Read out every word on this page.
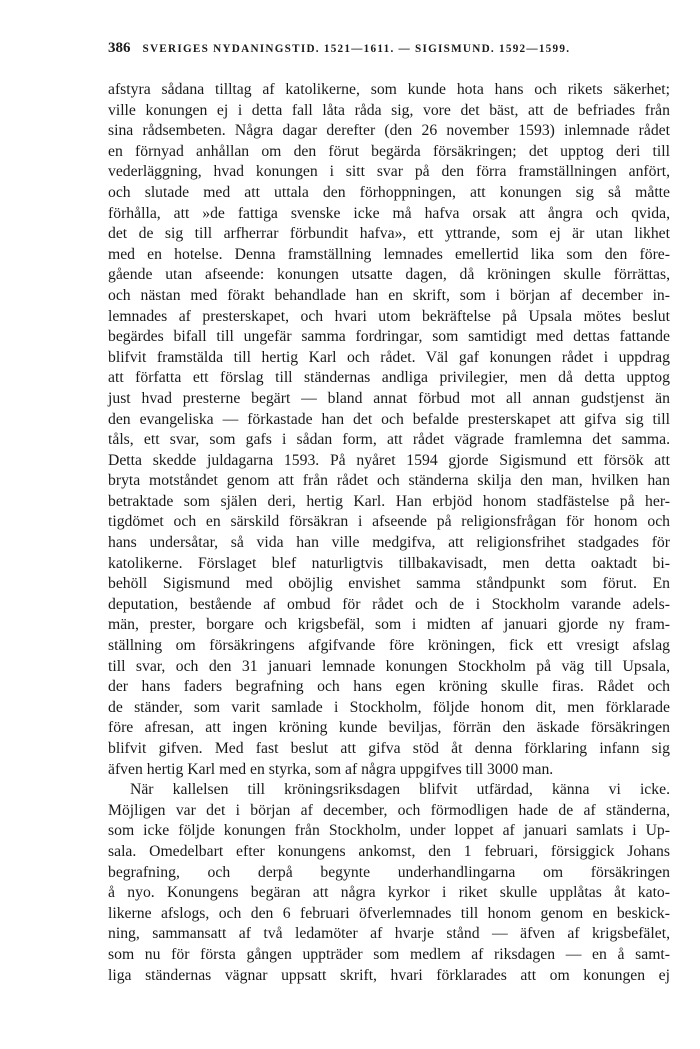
386 SVERIGES NYDANINGSTID. 1521—1611. — SIGISMUND. 1592—1599.
afstyra sådana tilltag af katolikerne, som kunde hota hans och rikets säkerhet;
ville konungen ej i detta fall låta råda sig, vore det bäst, att de befriades från
sina rådsembeten. Några dagar derefter (den 26 november 1593) inlemnade rådet
en förnyad anhållan om den förut begärda försäkringen; det upptog deri till
vederläggning, hvad konungen i sitt svar på den förra framställningen anfört,
och slutade med att uttala den förhoppningen, att konungen sig så måtte
förhålla, att »de fattiga svenske icke må hafva orsak att ångra och qvida,
det de sig till arfherrar förbundit hafva», ett yttrande, som ej är utan likhet
med en hotelse. Denna framställning lemnades emellertid lika som den före-
gående utan afseende: konungen utsatte dagen, då kröningen skulle förrättas,
och nästan med förakt behandlade han en skrift, som i början af december in-
lemnades af presterskapet, och hvari utom bekräftelse på Upsala mötes beslut
begärdes bifall till ungefär samma fordringar, som samtidigt med dettas fattande
blifvit framstälda till hertig Karl och rådet. Väl gaf konungen rådet i uppdrag
att författa ett förslag till ständernas andliga privilegier, men då detta upptog
just hvad presterne begärt — bland annat förbud mot all annan gudstjenst än
den evangeliska — förkastade han det och befalde presterskapet att gifva sig till
tåls, ett svar, som gafs i sådan form, att rådet vägrade framlemna det samma.
Detta skedde juldagarna 1593. På nyåret 1594 gjorde Sigismund ett försök att
bryta motståndet genom att från rådet och ständerna skilja den man, hvilken han
betraktade som själen deri, hertig Karl. Han erbjöd honom stadfästelse på her-
tigdömet och en särskild försäkran i afseende på religionsfrågan för honom och
hans undersåtar, så vida han ville medgifva, att religionsfrihet stadgades för
katolikerne. Förslaget blef naturligtvis tillbakavisadt, men detta oaktadt bi-
behöll Sigismund med oböjlig envishet samma ståndpunkt som förut. En
deputation, bestående af ombud för rådet och de i Stockholm varande adels-
män, prester, borgare och krigsbefäl, som i midten af januari gjorde ny fram-
ställning om försäkringens afgifvande före kröningen, fick ett vresigt afslag
till svar, och den 31 januari lemnade konungen Stockholm på väg till Upsala,
der hans faders begrafning och hans egen kröning skulle firas. Rådet och
de ständer, som varit samlade i Stockholm, följde honom dit, men förklarade
före afresan, att ingen kröning kunde beviljas, förrän den äskade försäkringen
blifvit gifven. Med fast beslut att gifva stöd åt denna förklaring infann sig
äfven hertig Karl med en styrka, som af några uppgifves till 3000 man.
När kallelsen till kröningsriksdagen blifvit utfärdad, känna vi icke.
Möjligen var det i början af december, och förmodligen hade de af ständerna,
som icke följde konungen från Stockholm, under loppet af januari samlats i Up-
sala. Omedelbart efter konungens ankomst, den 1 februari, försiggick Johans
begrafning, och derpå begynte underhandlingarna om försäkringen
å nyo. Konungens begäran att några kyrkor i riket skulle upplåtas åt kato-
likerne afslogs, och den 6 februari öfverlemnades till honom genom en beskick-
ning, sammansatt af två ledamöter af hvarje stånd — äfven af krigsbefälet,
som nu för första gången uppträder som medlem af riksdagen — en å samt-
liga ständernas vägnar uppsatt skrift, hvari förklarades att om konungen ej
